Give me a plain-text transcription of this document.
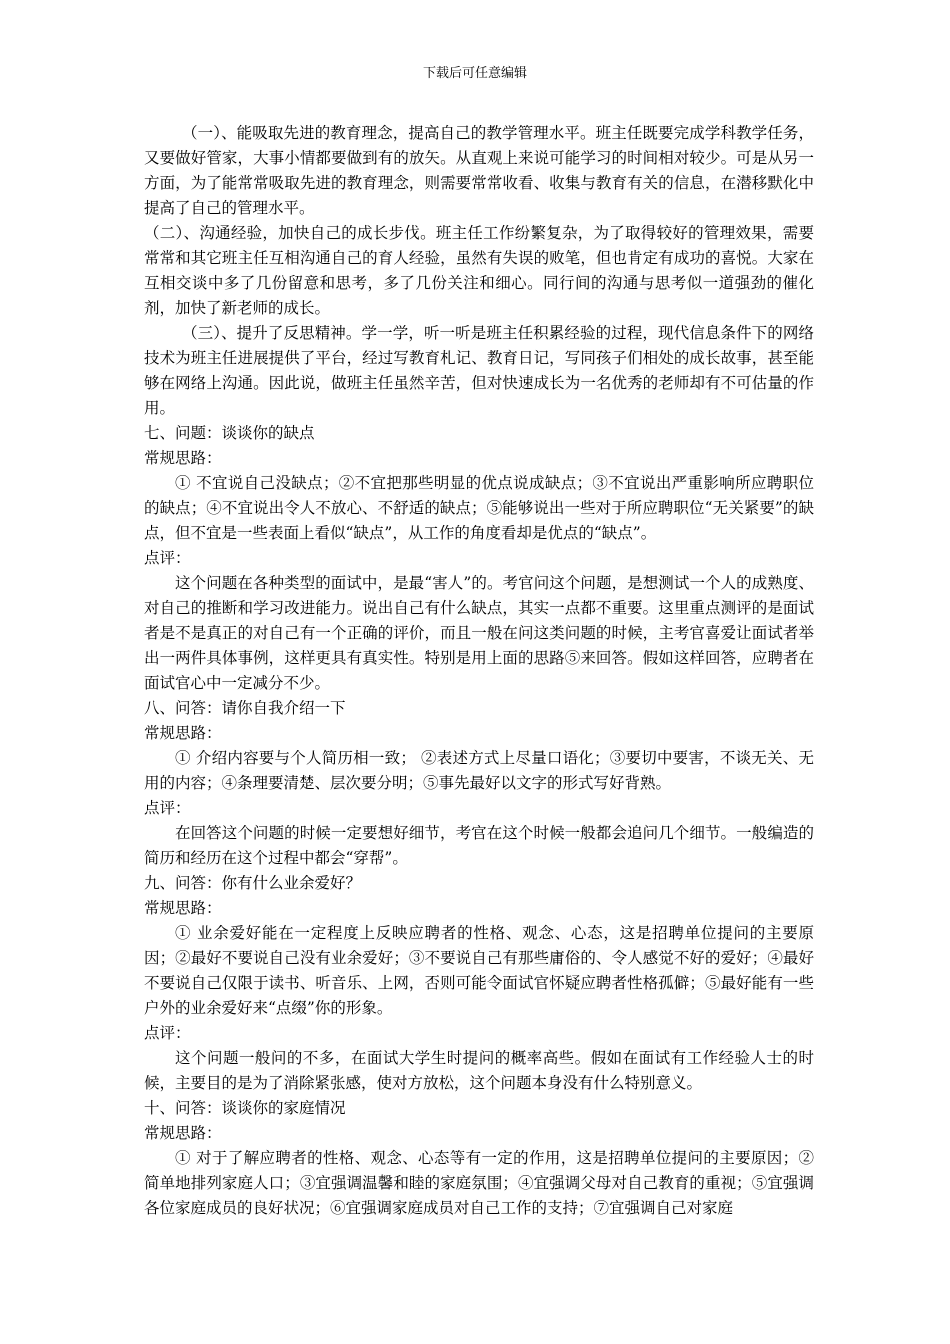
下载后可任意编辑

（一）、能吸取先进的教育理念，提高自己的教学管理水平。班主任既要完成学科教学任务，又要做好管家，大事小情都要做到有的放矢。从直观上来说可能学习的时间相对较少。可是从另一方面，为了能常常吸取先进的教育理念，则需要常常收看、收集与教育有关的信息，在潜移默化中提高了自己的管理水平。

（二）、沟通经验，加快自己的成长步伐。班主任工作纷繁复杂，为了取得较好的管理效果，需要常常和其它班主任互相沟通自己的育人经验，虽然有失误的败笔，但也肯定有成功的喜悦。大家在互相交谈中多了几份留意和思考，多了几份关注和细心。同行间的沟通与思考似一道强劲的催化剂，加快了新老师的成长。

（三）、提升了反思精神。学一学，听一听是班主任积累经验的过程，现代信息条件下的网络技术为班主任进展提供了平台，经过写教育札记、教育日记，写同孩子们相处的成长故事，甚至能够在网络上沟通。因此说，做班主任虽然辛苦，但对快速成长为一名优秀的老师却有不可估量的作用。

七、问题：谈谈你的缺点

常规思路：

① 不宜说自己没缺点；②不宜把那些明显的优点说成缺点；③不宜说出严重影响所应聘职位的缺点；④不宜说出令人不放心、不舒适的缺点；⑤能够说出一些对于所应聘职位“无关紧要”的缺点，但不宜是一些表面上看似“缺点”，从工作的角度看却是优点的“缺点”。

点评：

这个问题在各种类型的面试中，是最“害人”的。考官问这个问题，是想测试一个人的成熟度、对自己的推断和学习改进能力。说出自己有什么缺点，其实一点都不重要。这里重点测评的是面试者是不是真正的对自己有一个正确的评价，而且一般在问这类问题的时候，主考官喜爱让面试者举出一两件具体事例，这样更具有真实性。特别是用上面的思路⑤来回答。假如这样回答，应聘者在面试官心中一定减分不少。

八、问答：请你自我介绍一下

常规思路：

① 介绍内容要与个人简历相一致； ②表述方式上尽量口语化；③要切中要害，不谈无关、无用的内容；④条理要清楚、层次要分明；⑤事先最好以文字的形式写好背熟。

点评：

在回答这个问题的时候一定要想好细节，考官在这个时候一般都会追问几个细节。一般编造的简历和经历在这个过程中都会“穿帮”。

九、问答：你有什么业余爱好？

常规思路：

① 业余爱好能在一定程度上反映应聘者的性格、观念、心态，这是招聘单位提问的主要原因；②最好不要说自己没有业余爱好；③不要说自己有那些庸俗的、令人感觉不好的爱好；④最好不要说自己仅限于读书、听音乐、上网，否则可能令面试官怀疑应聘者性格孤僻；⑤最好能有一些户外的业余爱好来“点缀”你的形象。

点评：

这个问题一般问的不多，在面试大学生时提问的概率高些。假如在面试有工作经验人士的时候，主要目的是为了消除紧张感，使对方放松，这个问题本身没有什么特别意义。

十、问答：谈谈你的家庭情况

常规思路：

① 对于了解应聘者的性格、观念、心态等有一定的作用，这是招聘单位提问的主要原因；②简单地排列家庭人口；③宜强调温馨和睦的家庭氛围；④宜强调父母对自己教育的重视；⑤宜强调各位家庭成员的良好状况；⑥宜强调家庭成员对自己工作的支持；⑦宜强调自己对家庭
